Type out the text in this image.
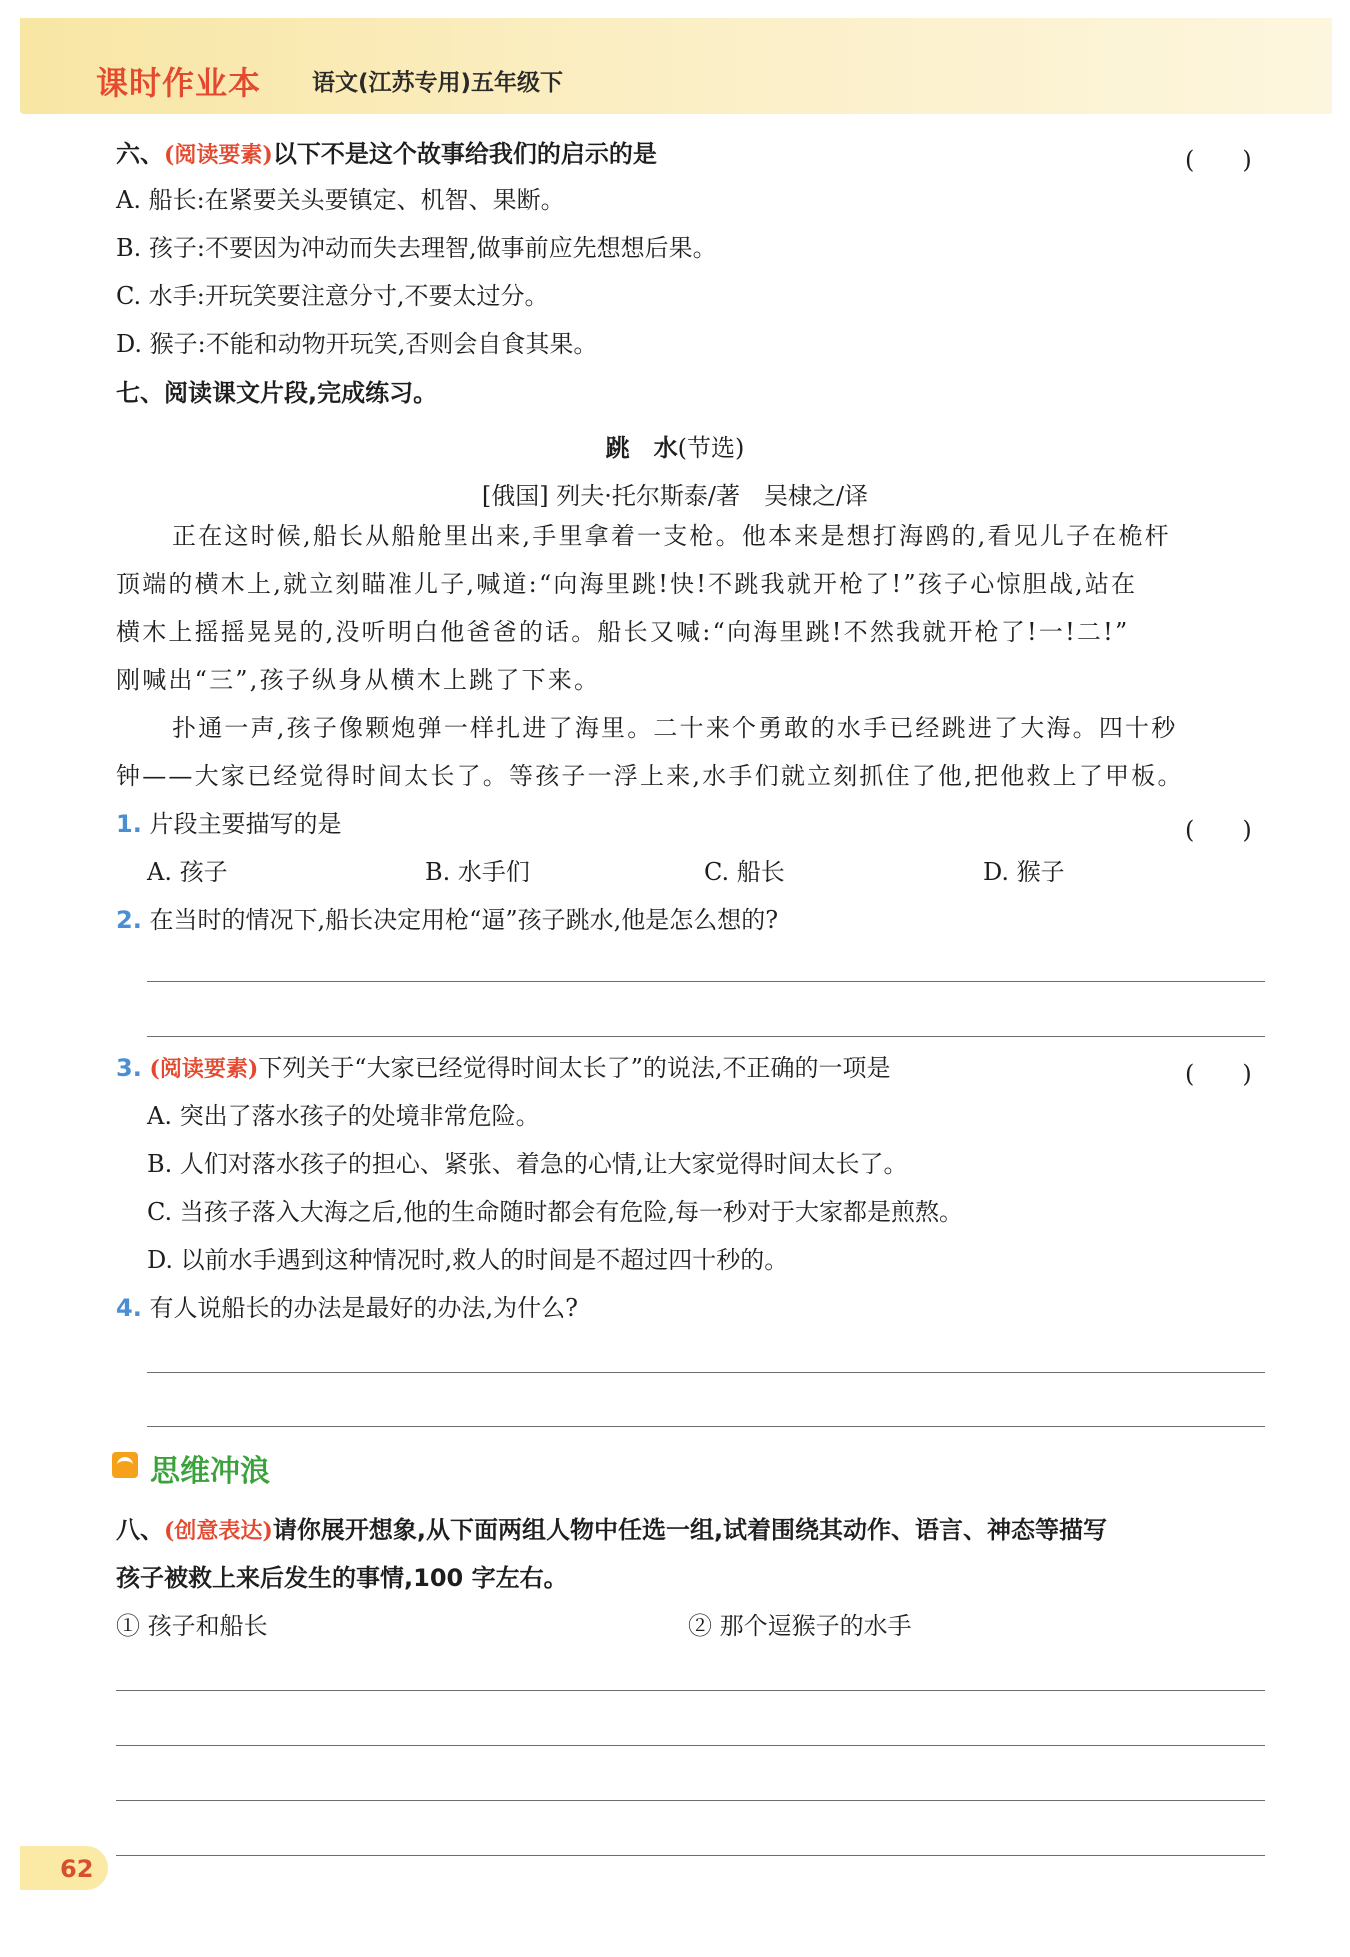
课时作业本 语文(江苏专用)五年级下
六、(阅读要素)以下不是这个故事给我们的启示的是	(　　)
A. 船长:在紧要关头要镇定、机智、果断。
B. 孩子:不要因为冲动而失去理智,做事前应先想想后果。
C. 水手:开玩笑要注意分寸,不要太过分。
D. 猴子:不能和动物开玩笑,否则会自食其果。
七、阅读课文片段,完成练习。
跳　水(节选)
[俄国] 列夫·托尔斯泰/著　吴棣之/译
正在这时候,船长从船舱里出来,手里拿着一支枪。他本来是想打海鸥的,看见儿子在桅杆
顶端的横木上,就立刻瞄准儿子,喊道:“向海里跳!快!不跳我就开枪了!”孩子心惊胆战,站在
横木上摇摇晃晃的,没听明白他爸爸的话。船长又喊:“向海里跳!不然我就开枪了!一!二!”
刚喊出“三”,孩子纵身从横木上跳了下来。
扑通一声,孩子像颗炮弹一样扎进了海里。二十来个勇敢的水手已经跳进了大海。四十秒
钟——大家已经觉得时间太长了。等孩子一浮上来,水手们就立刻抓住了他,把他救上了甲板。
1. 片段主要描写的是	(　　)
A. 孩子	B. 水手们	C. 船长	D. 猴子
2. 在当时的情况下,船长决定用枪“逼”孩子跳水,他是怎么想的?
3. (阅读要素)下列关于“大家已经觉得时间太长了”的说法,不正确的一项是	(　　)
A. 突出了落水孩子的处境非常危险。
B. 人们对落水孩子的担心、紧张、着急的心情,让大家觉得时间太长了。
C. 当孩子落入大海之后,他的生命随时都会有危险,每一秒对于大家都是煎熬。
D. 以前水手遇到这种情况时,救人的时间是不超过四十秒的。
4. 有人说船长的办法是最好的办法,为什么?
思维冲浪
八、(创意表达)请你展开想象,从下面两组人物中任选一组,试着围绕其动作、语言、神态等描写
孩子被救上来后发生的事情,100 字左右。
① 孩子和船长	② 那个逗猴子的水手
62
